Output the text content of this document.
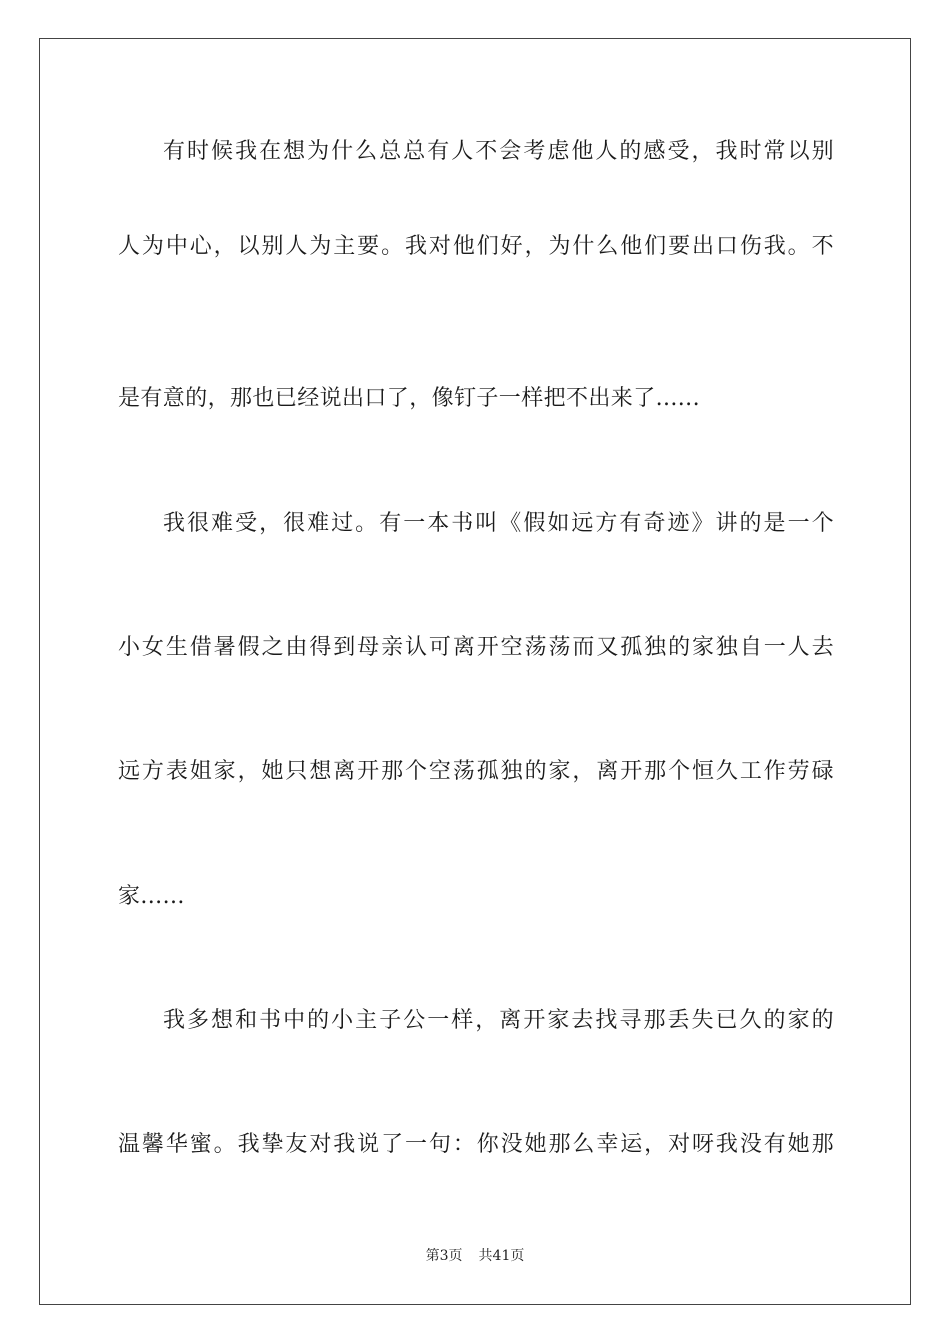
有时候我在想为什么总总有人不会考虑他人的感受，我时常以别
人为中心，以别人为主要。我对他们好，为什么他们要出口伤我。不
是有意的，那也已经说出口了，像钉子一样把不出来了......
我很难受，很难过。有一本书叫《假如远方有奇迹》讲的是一个
小女生借暑假之由得到母亲认可离开空荡荡而又孤独的家独自一人去
远方表姐家，她只想离开那个空荡孤独的家，离开那个恒久工作劳碌
家......
我多想和书中的小主子公一样，离开家去找寻那丢失已久的家的
温馨华蜜。我挚友对我说了一句：你没她那么幸运，对呀我没有她那
第3页 共41页
